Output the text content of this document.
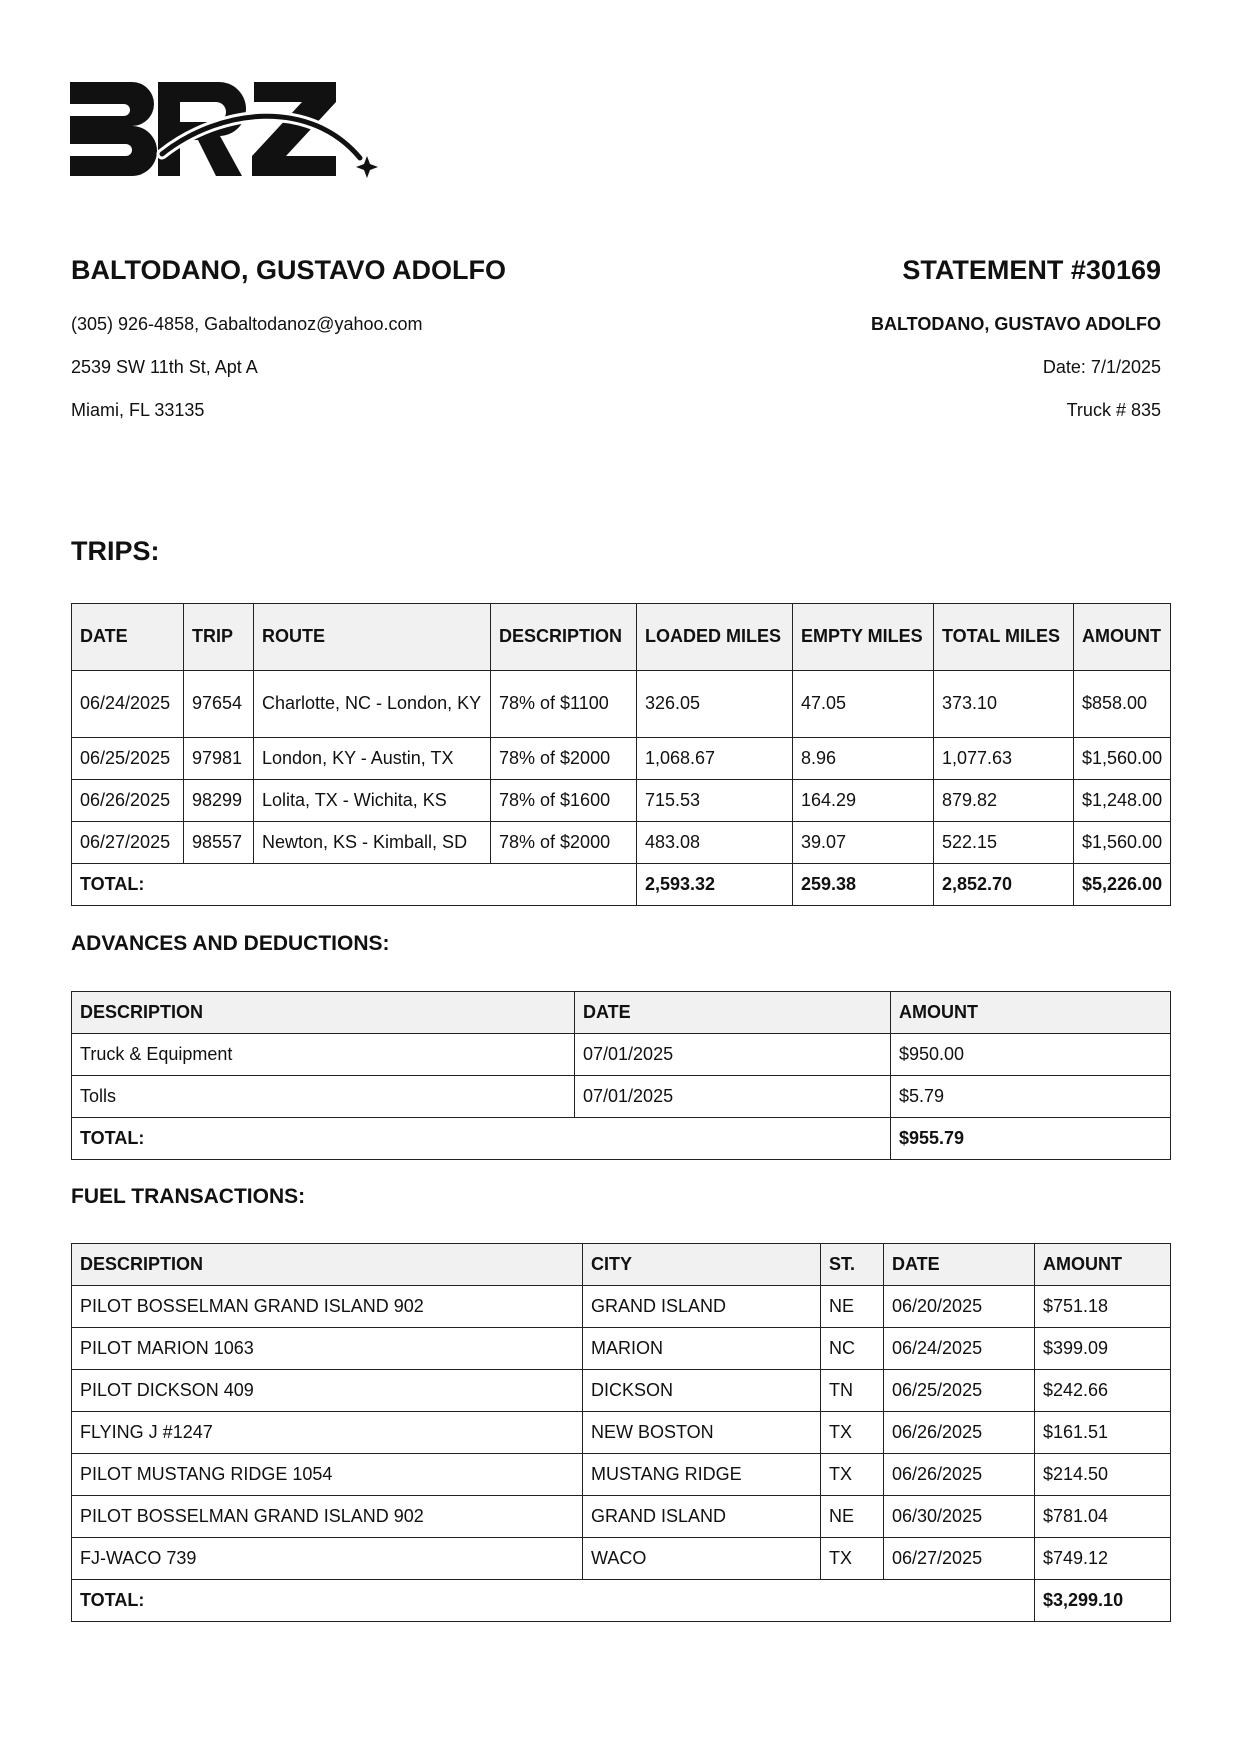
BALTODANO, GUSTAVO ADOLFO	STATEMENT #30169
(305) 926-4858, Gabaltodanoz@yahoo.com
2539 SW 11th St, Apt A
Miami, FL 33135
BALTODANO, GUSTAVO ADOLFO
Date: 7/1/2025
Truck # 835
TRIPS:
DATE	TRIP	ROUTE	DESCRIPTION	LOADED MILES	EMPTY MILES	TOTAL MILES	AMOUNT
06/24/2025	97654	Charlotte, NC - London, KY	78% of $1100	326.05	47.05	373.10	$858.00
06/25/2025	97981	London, KY - Austin, TX	78% of $2000	1,068.67	8.96	1,077.63	$1,560.00
06/26/2025	98299	Lolita, TX - Wichita, KS	78% of $1600	715.53	164.29	879.82	$1,248.00
06/27/2025	98557	Newton, KS - Kimball, SD	78% of $2000	483.08	39.07	522.15	$1,560.00
TOTAL:				2,593.32	259.38	2,852.70	$5,226.00
ADVANCES AND DEDUCTIONS:
DESCRIPTION	DATE	AMOUNT
Truck & Equipment	07/01/2025	$950.00
Tolls	07/01/2025	$5.79
TOTAL:		$955.79
FUEL TRANSACTIONS:
DESCRIPTION	CITY	ST.	DATE	AMOUNT
PILOT BOSSELMAN GRAND ISLAND 902	GRAND ISLAND	NE	06/20/2025	$751.18
PILOT MARION 1063	MARION	NC	06/24/2025	$399.09
PILOT DICKSON 409	DICKSON	TN	06/25/2025	$242.66
FLYING J #1247	NEW BOSTON	TX	06/26/2025	$161.51
PILOT MUSTANG RIDGE 1054	MUSTANG RIDGE	TX	06/26/2025	$214.50
PILOT BOSSELMAN GRAND ISLAND 902	GRAND ISLAND	NE	06/30/2025	$781.04
FJ-WACO 739	WACO	TX	06/27/2025	$749.12
TOTAL:				$3,299.10
